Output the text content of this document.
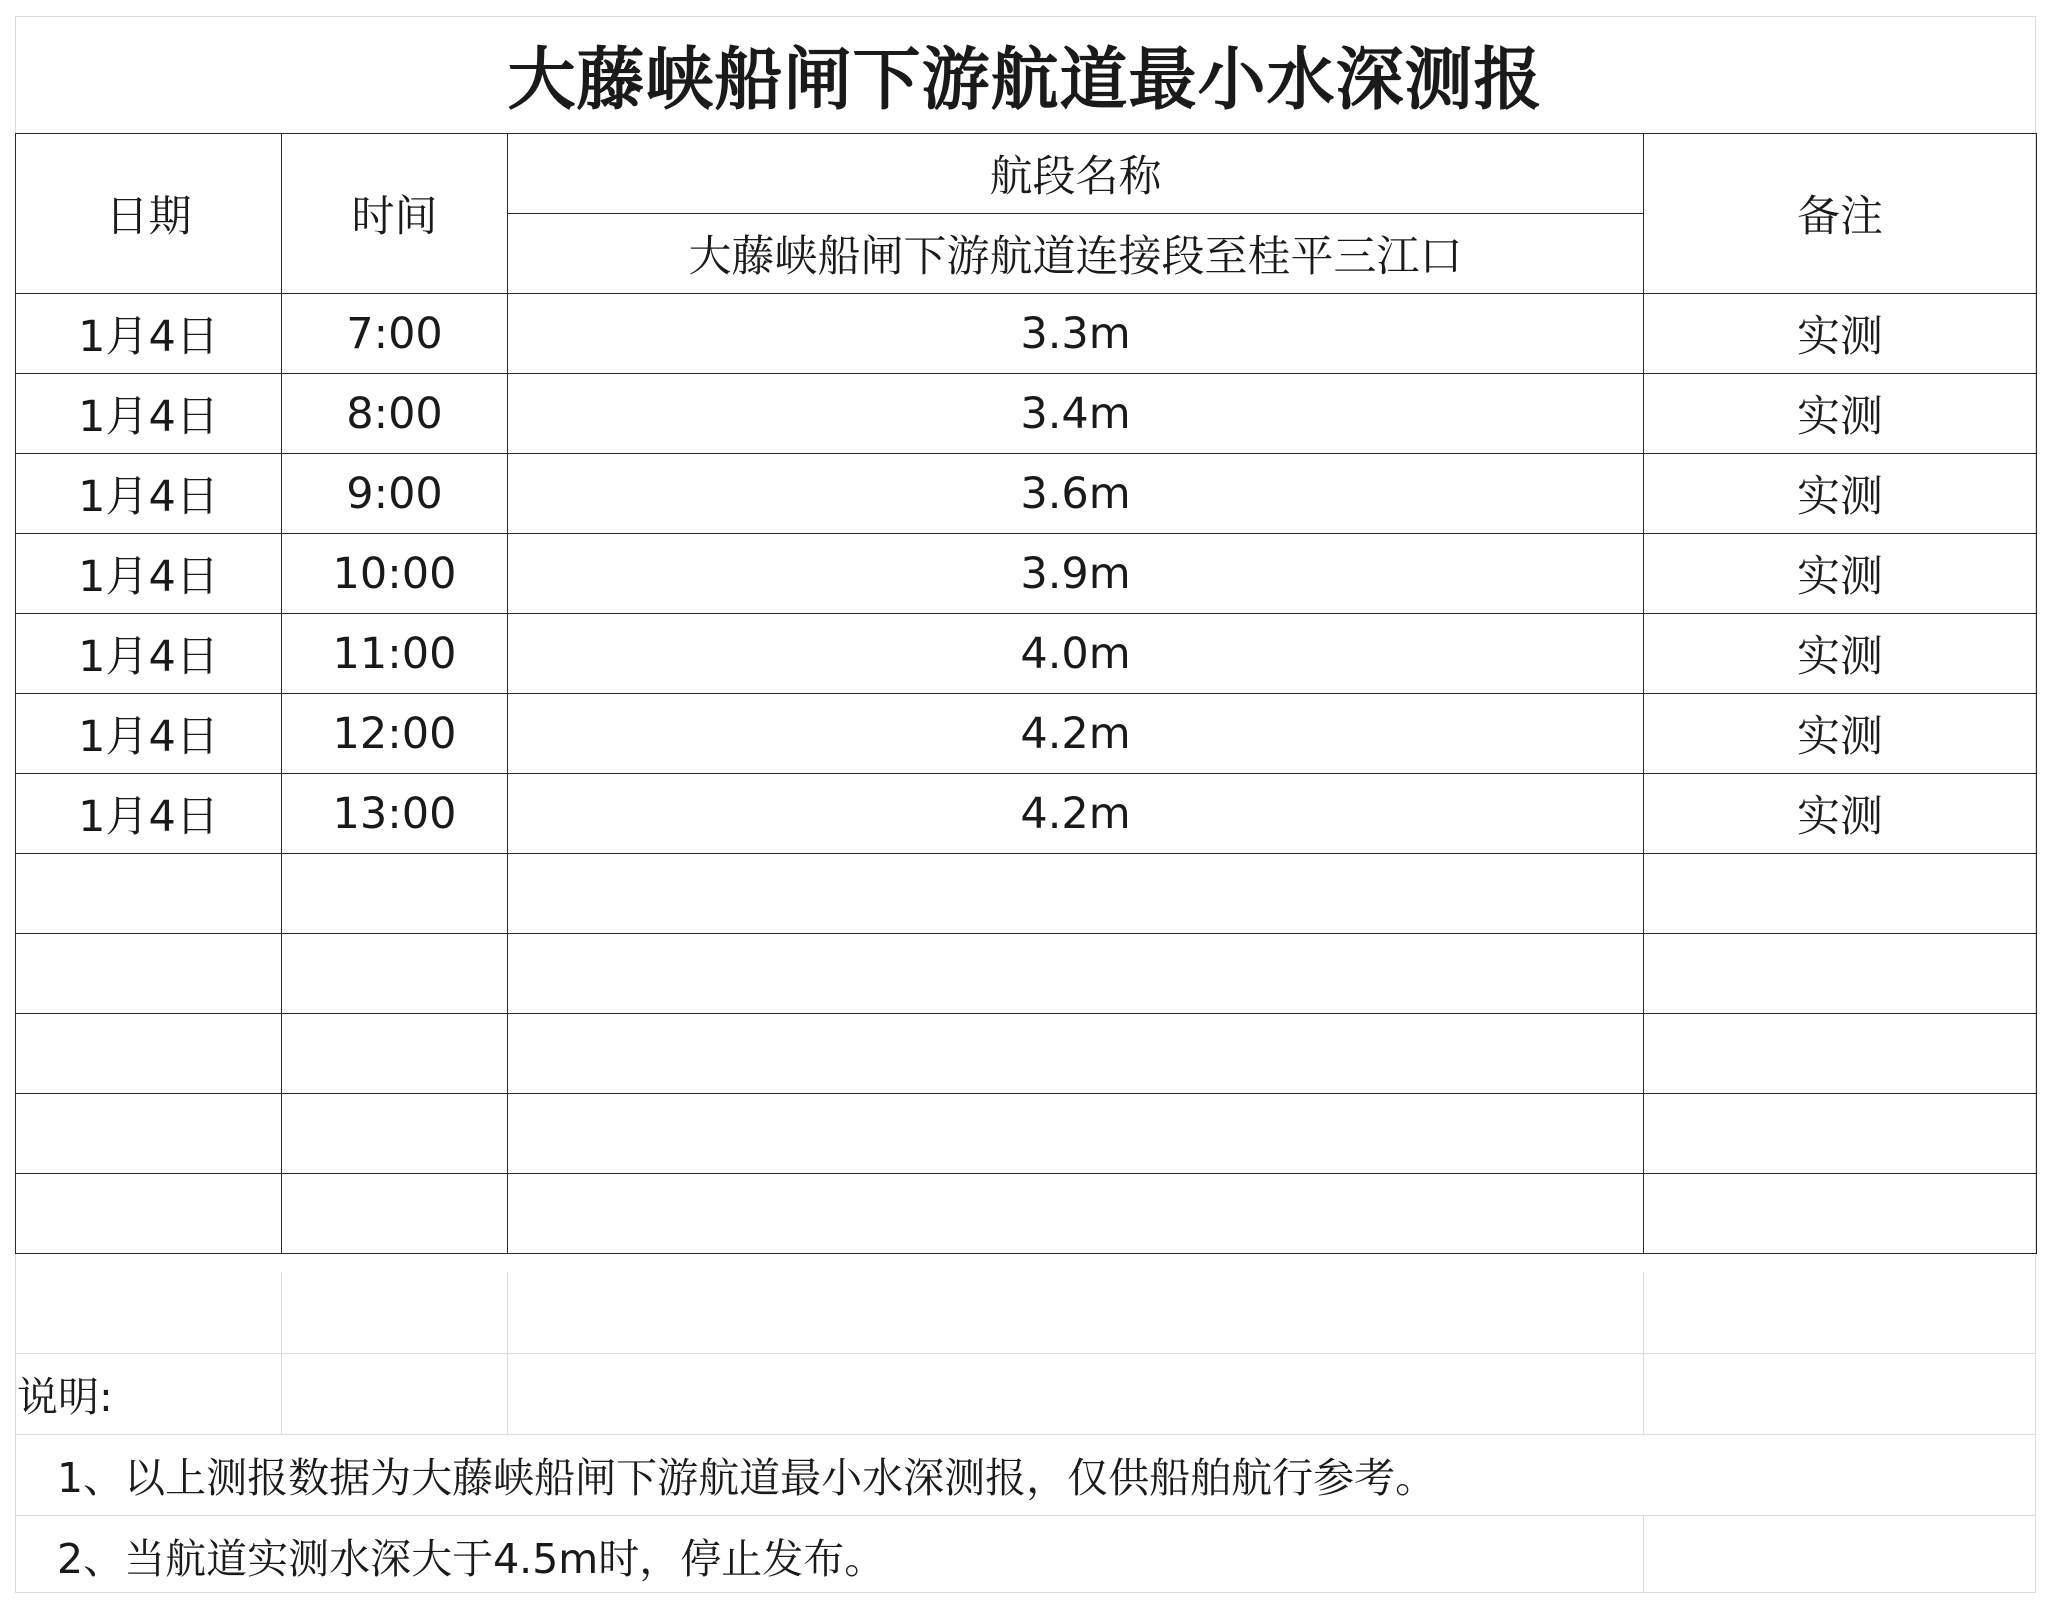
大藤峡船闸下游航道最小水深测报
日期	时间	航段名称	备注
		大藤峡船闸下游航道连接段至桂平三江口	
1月4日	7:00	3.3m	实测
1月4日	8:00	3.4m	实测
1月4日	9:00	3.6m	实测
1月4日	10:00	3.9m	实测
1月4日	11:00	4.0m	实测
1月4日	12:00	4.2m	实测
1月4日	13:00	4.2m	实测

说明:
1、以上测报数据为大藤峡船闸下游航道最小水深测报，仅供船舶航行参考。
2、当航道实测水深大于4.5m时，停止发布。
